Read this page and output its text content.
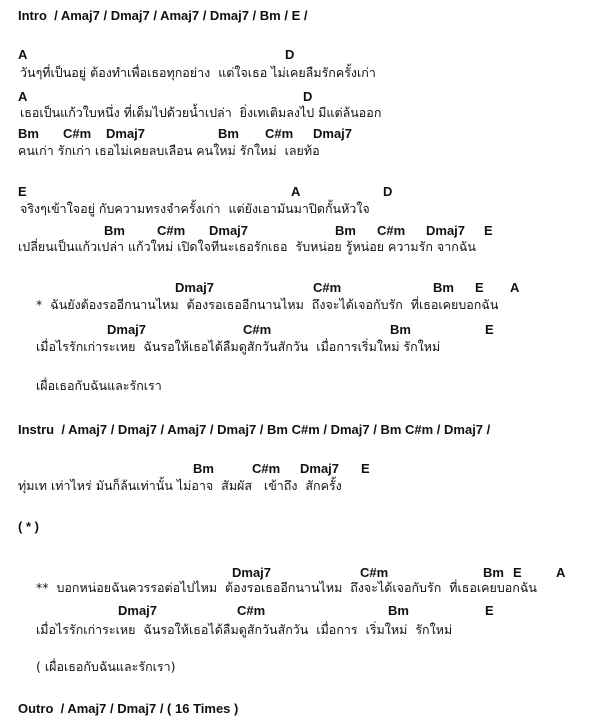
Intro  / Amaj7 / Dmaj7 / Amaj7 / Dmaj7 / Bm / E /
A	D
วันๆที่เป็นอยู่ ต้องทำเพื่อเธอทุกอย่าง  แต่ใจเธอ ไม่เคยลืมรักครั้งเก่า
A	D
เธอเป็นแก้วใบหนึ่ง ที่เต็มไปด้วยน้ำเปล่า  ยิ่งเทเติมลงไป มีแต่ล้นออก
Bm C#m Dmaj7	Bm C#m Dmaj7
คนเก่า รักเก่า เธอไม่เคยลบเลือน คนใหม่ รักใหม่  เลยท้อ
E	A	D
จริงๆเข้าใจอยู่ กับความทรงจำครั้งเก่า  แต่ยังเอามันมาปิดกั้นหัวใจ
Bm C#m Dmaj7	Bm C#m Dmaj7 E
เปลี่ยนเป็นแก้วเปล่า แก้วใหม่ เปิดใจทีนะเธอรักเธอ  รับหน่อย รู้หน่อย ความรัก จากฉัน
Dmaj7	C#m	Bm E A
*  ฉันยังต้องรออีกนานไหม  ต้องรอเธออีกนานไหม  ถึงจะได้เจอกับรัก  ที่เธอเคยบอกฉัน
Dmaj7	C#m	Bm	E
เมื่อไรรักเก่าระเหย  ฉันรอให้เธอได้ลืมดูสักวันสักวัน  เมื่อการเริ่มใหม่ รักใหม่
เผื่อเธอกับฉันและรักเรา
Instru  / Amaj7 / Dmaj7 / Amaj7 / Dmaj7 / Bm C#m / Dmaj7 / Bm C#m / Dmaj7 /
Bm	C#m Dmaj7 E
ทุ่มเท เท่าไหร่ มันก็ล้นเท่านั้น ไม่อาจ  สัมผัส   เข้าถึง  สักครั้ง
( * )
Dmaj7	C#m	Bm E	A
**  บอกหน่อยฉันควรรอต่อไปไหม  ต้องรอเธออีกนานไหม  ถึงจะได้เจอกับรัก  ที่เธอเคยบอกฉัน
Dmaj7	C#m	Bm	E
เมื่อไรรักเก่าระเหย  ฉันรอให้เธอได้ลืมดูสักวันสักวัน  เมื่อการ  เริ่มใหม่  รักใหม่
( เผื่อเธอกับฉันและรักเรา)
Outro  / Amaj7 / Dmaj7 / ( 16 Times )
